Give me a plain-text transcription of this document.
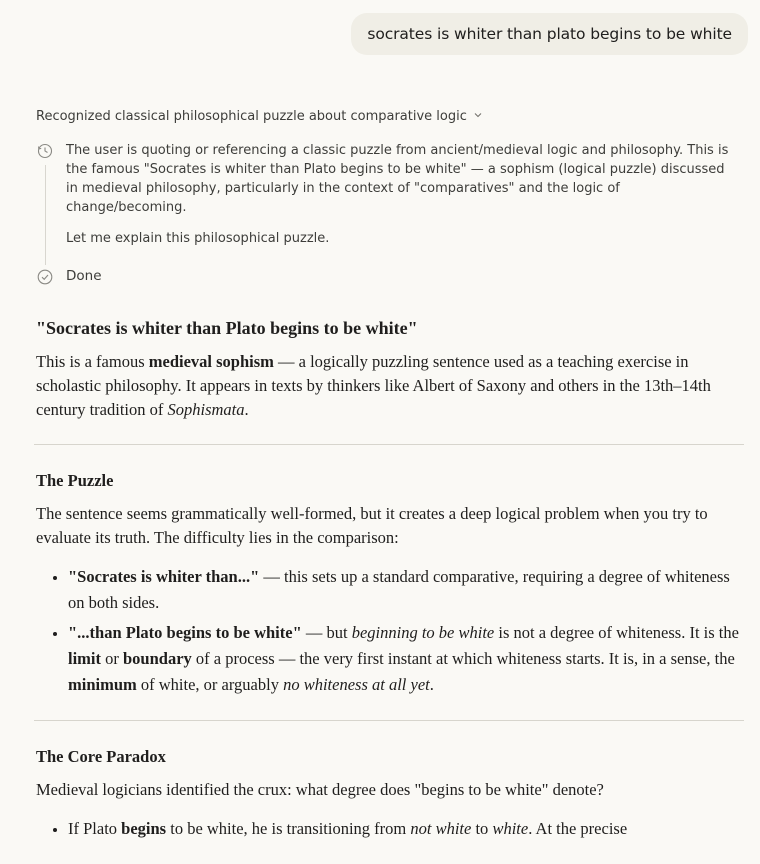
socrates is whiter than plato begins to be white
Recognized classical philosophical puzzle about comparative logic

The user is quoting or referencing a classic puzzle from ancient/medieval logic and philosophy. This is the famous "Socrates is whiter than Plato begins to be white" — a sophism (logical puzzle) discussed in medieval philosophy, particularly in the context of "comparatives" and the logic of change/becoming.

Let me explain this philosophical puzzle.

Done
"Socrates is whiter than Plato begins to be white"

This is a famous medieval sophism — a logically puzzling sentence used as a teaching exercise in scholastic philosophy. It appears in texts by thinkers like Albert of Saxony and others in the 13th–14th century tradition of Sophismata.

The Puzzle

The sentence seems grammatically well-formed, but it creates a deep logical problem when you try to evaluate its truth. The difficulty lies in the comparison:

• "Socrates is whiter than..." — this sets up a standard comparative, requiring a degree of whiteness on both sides.
• "...than Plato begins to be white" — but beginning to be white is not a degree of whiteness. It is the limit or boundary of a process — the very first instant at which whiteness starts. It is, in a sense, the minimum of white, or arguably no whiteness at all yet.
The Core Paradox

Medieval logicians identified the crux: what degree does "begins to be white" denote?

• If Plato begins to be white, he is transitioning from not white to white. At the precise
